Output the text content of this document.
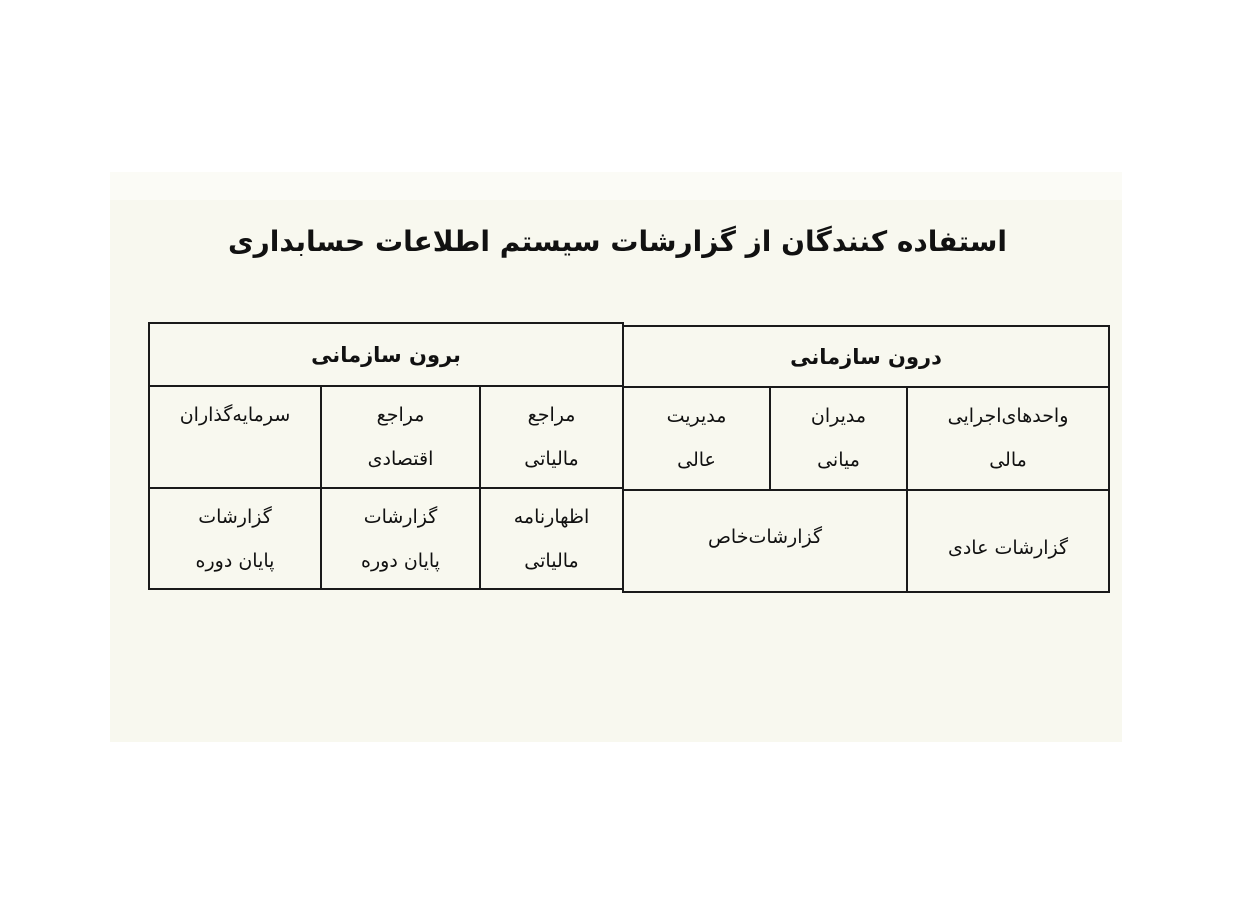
استفاده کنندگان از گزارشات سیستم اطلاعات حسابداری
برون سازمانی
مراجع
مالیاتی
مراجع
اقتصادی
سرمایه‌گذاران
اظهارنامه
مالیاتی
گزارشات
پایان دوره
گزارشات
پایان دوره
درون سازمانی
واحدهای‌اجرایی
مالی
مدیران
میانی
مدیریت
عالی
گزارشات عادی
گزارشات‌خاص
